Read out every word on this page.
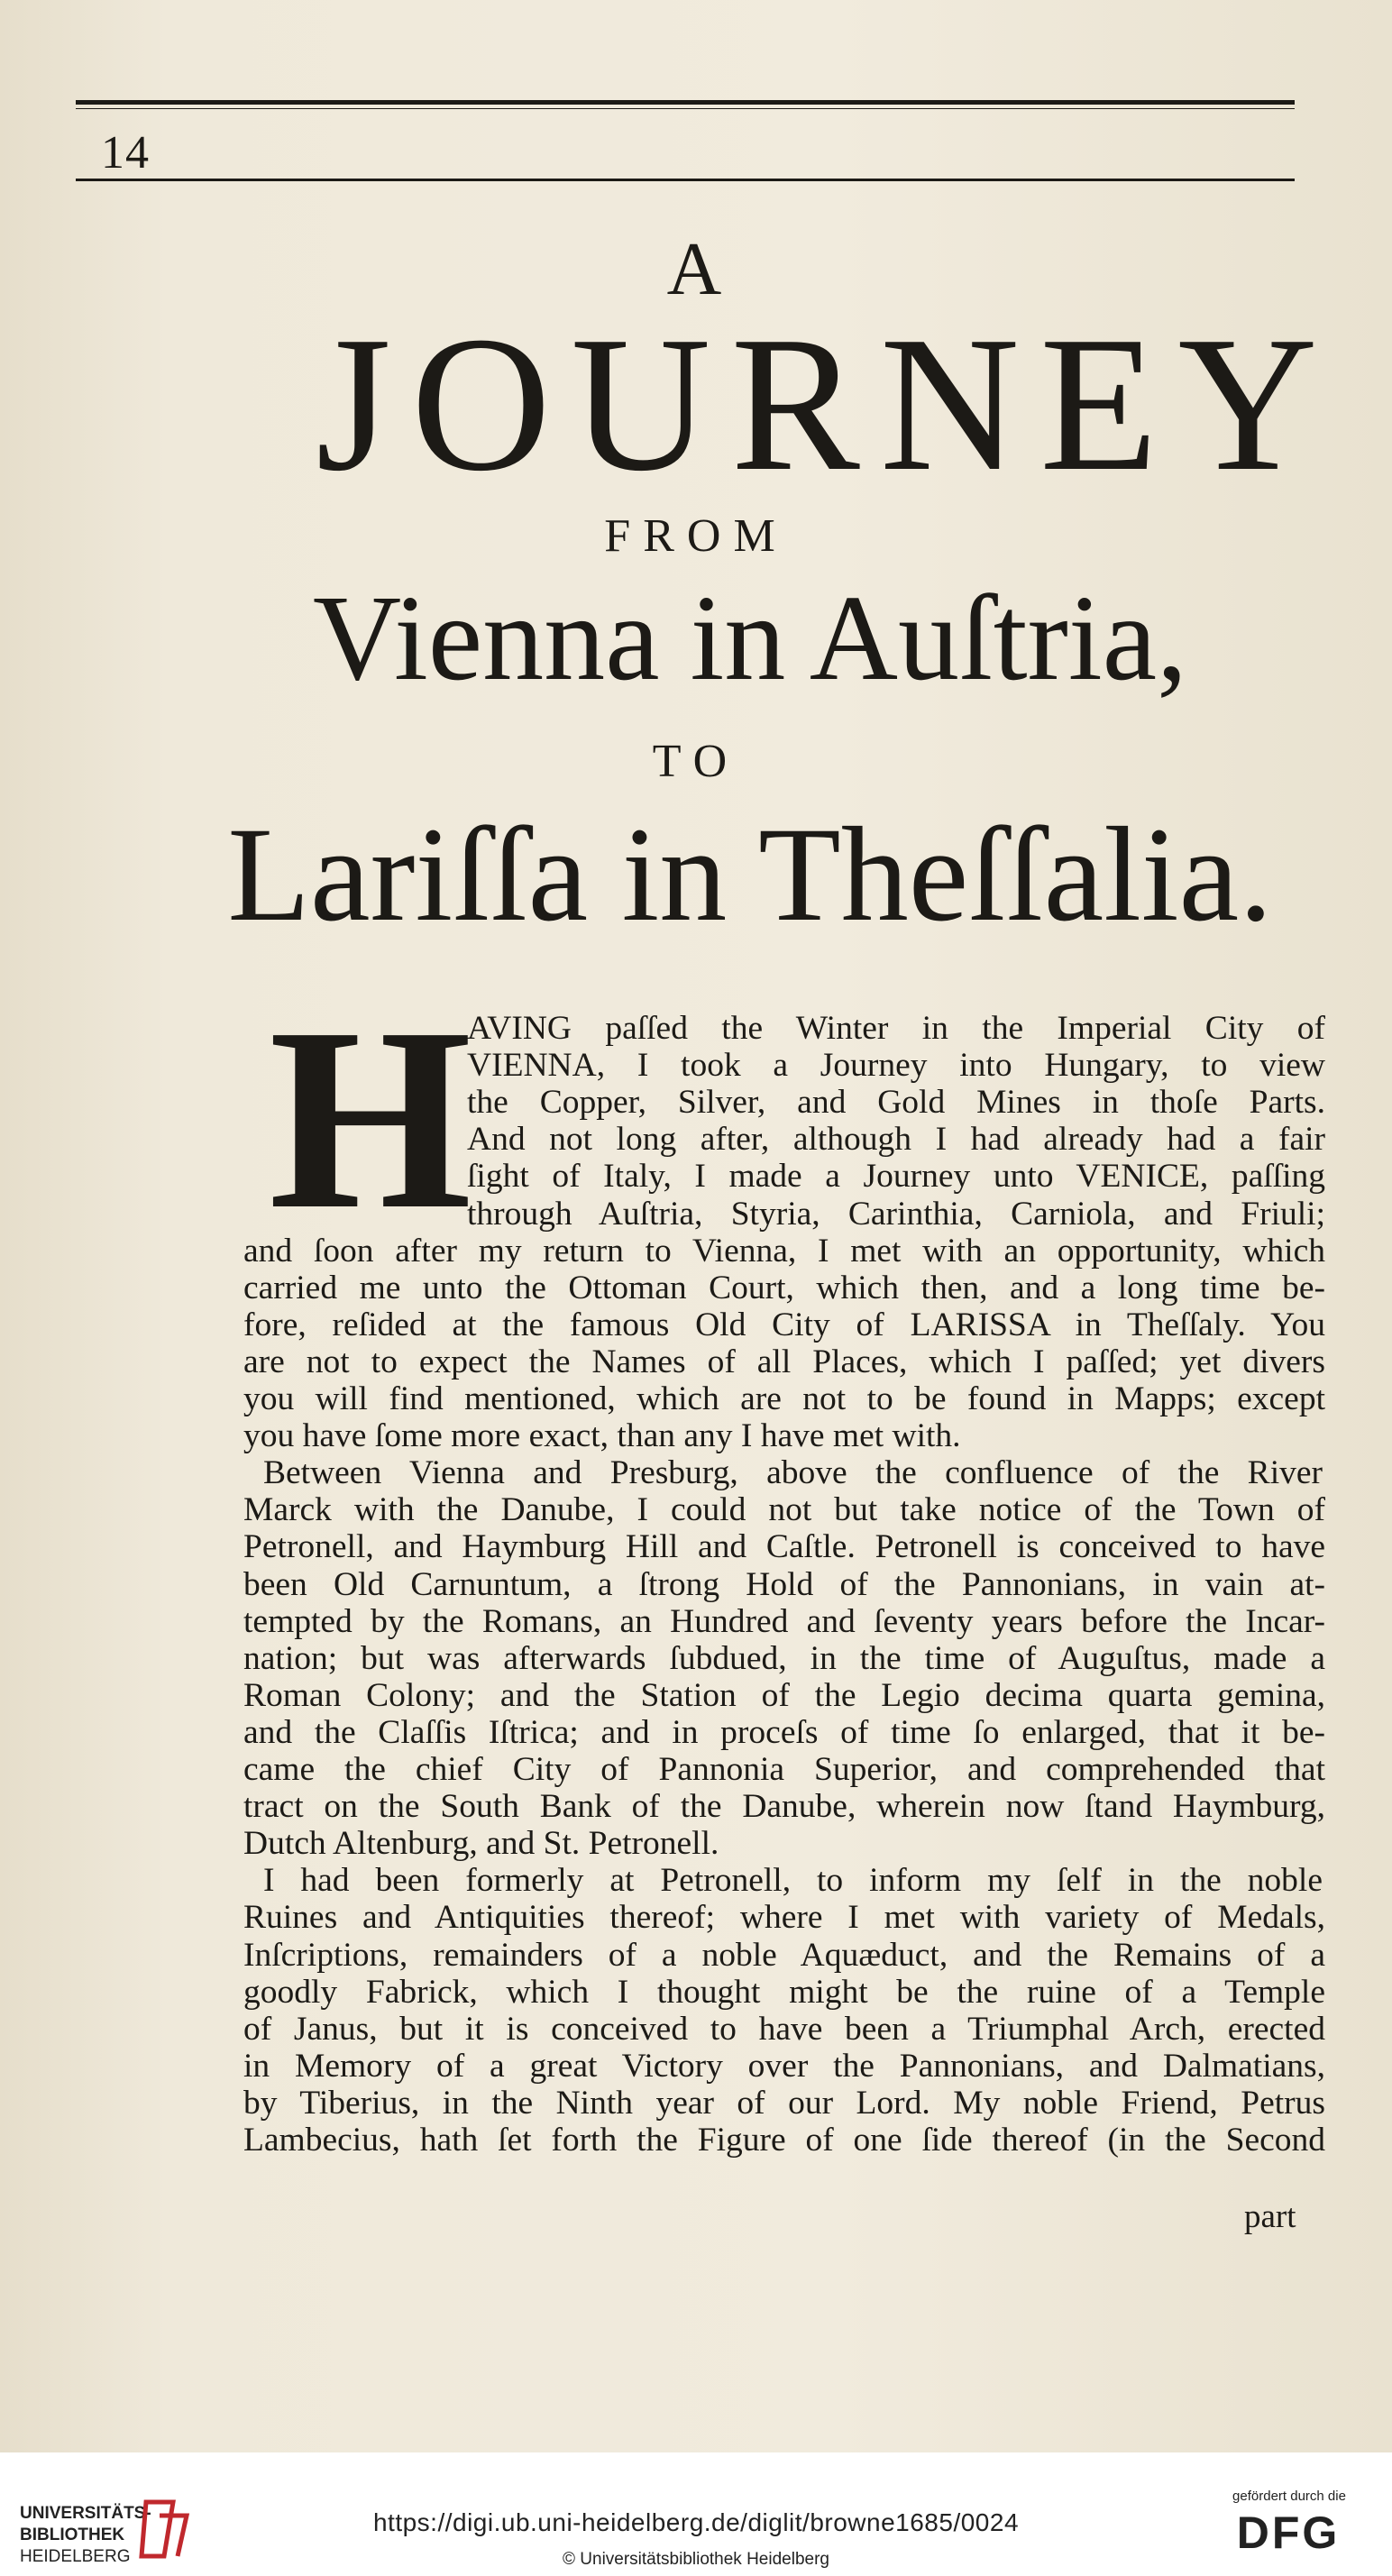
14
A
JOURNEY
FROM
Vienna in Auſtria,
TO
Lariſſa in Theſſalia.
H
AVING paſſed the Winter in the Imperial City of
VIENNA, I took a Journey into Hungary, to view
the Copper, Silver, and Gold Mines in thoſe Parts.
And not long after, although I had already had a fair
ſight of Italy, I made a Journey unto VENICE, paſſing
through Auſtria, Styria, Carinthia, Carniola, and Friuli;
and ſoon after my return to Vienna, I met with an opportunity, which
carried me unto the Ottoman Court, which then, and a long time be-
fore, reſided at the famous Old City of LARISSA in Theſſaly. You
are not to expect the Names of all Places, which I paſſed; yet divers
you will find mentioned, which are not to be found in Mapps; except
you have ſome more exact, than any I have met with.
Between Vienna and Presburg, above the confluence of the River
Marck with the Danube, I could not but take notice of the Town of
Petronell, and Haymburg Hill and Caſtle. Petronell is conceived to have
been Old Carnuntum, a ſtrong Hold of the Pannonians, in vain at-
tempted by the Romans, an Hundred and ſeventy years before the Incar-
nation; but was afterwards ſubdued, in the time of Auguſtus, made a
Roman Colony; and the Station of the Legio decima quarta gemina,
and the Claſſis Iſtrica; and in proceſs of time ſo enlarged, that it be-
came the chief City of Pannonia Superior, and comprehended that
tract on the South Bank of the Danube, wherein now ſtand Haymburg,
Dutch Altenburg, and St. Petronell.
I had been formerly at Petronell, to inform my ſelf in the noble
Ruines and Antiquities thereof; where I met with variety of Medals,
Inſcriptions, remainders of a noble Aquæduct, and the Remains of a
goodly Fabrick, which I thought might be the ruine of a Temple
of Janus, but it is conceived to have been a Triumphal Arch, erected
in Memory of a great Victory over the Pannonians, and Dalmatians,
by Tiberius, in the Ninth year of our Lord. My noble Friend, Petrus
Lambecius, hath ſet forth the Figure of one ſide thereof (in the Second
part
UNIVERSITÄTS-
BIBLIOTHEK
HEIDELBERG
https://digi.ub.uni-heidelberg.de/diglit/browne1685/0024
© Universitätsbibliothek Heidelberg
gefördert durch die
DFG
